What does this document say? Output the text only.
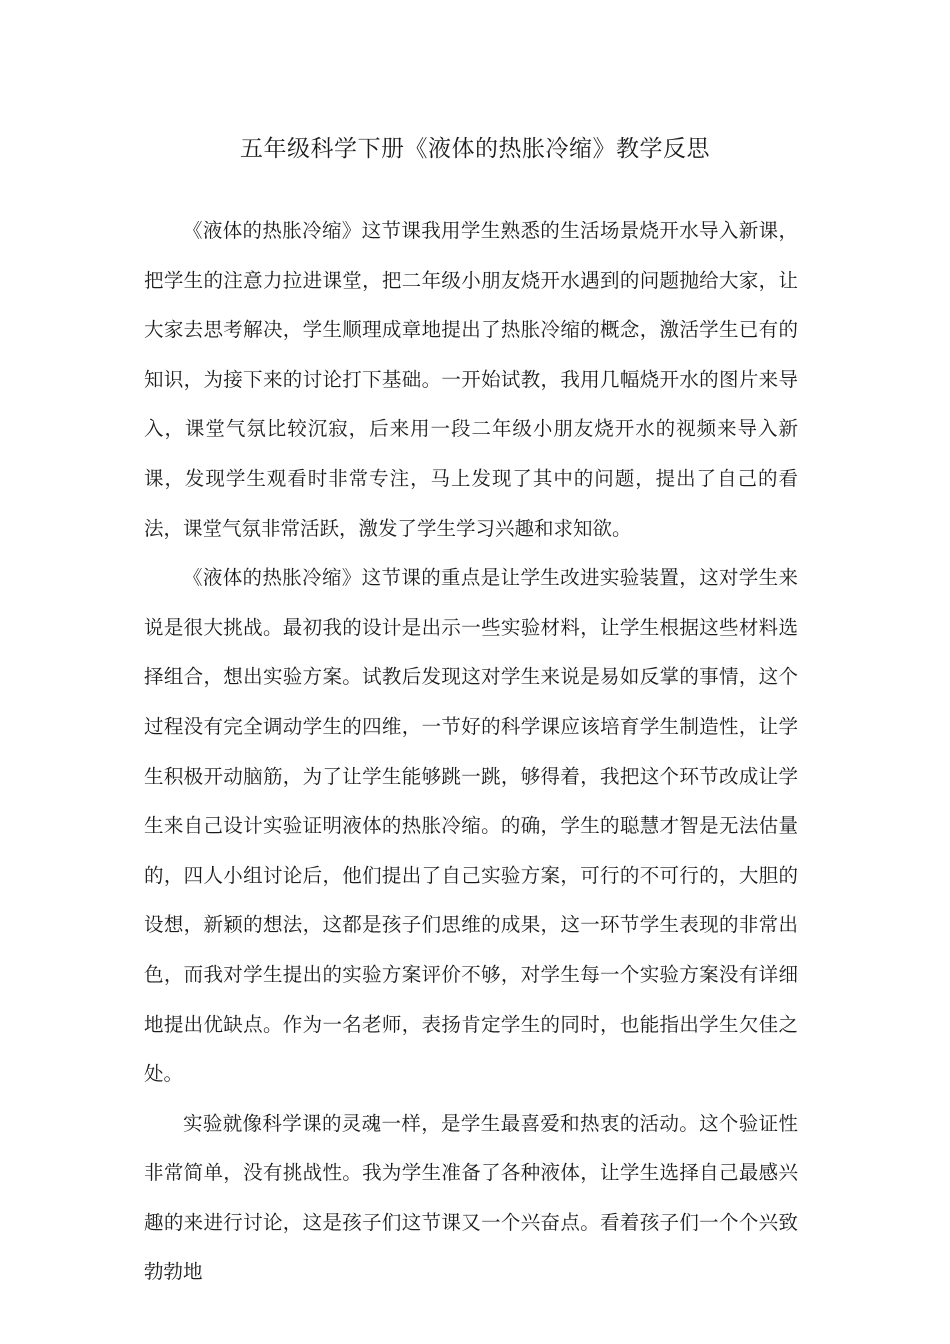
五年级科学下册《液体的热胀冷缩》教学反思

《液体的热胀冷缩》这节课我用学生熟悉的生活场景烧开水导入新课，把学生的注意力拉进课堂，把二年级小朋友烧开水遇到的问题抛给大家，让大家去思考解决，学生顺理成章地提出了热胀冷缩的概念，激活学生已有的知识，为接下来的讨论打下基础。一开始试教，我用几幅烧开水的图片来导入，课堂气氛比较沉寂，后来用一段二年级小朋友烧开水的视频来导入新课，发现学生观看时非常专注，马上发现了其中的问题，提出了自己的看法，课堂气氛非常活跃，激发了学生学习兴趣和求知欲。

《液体的热胀冷缩》这节课的重点是让学生改进实验装置，这对学生来说是很大挑战。最初我的设计是出示一些实验材料，让学生根据这些材料选择组合，想出实验方案。试教后发现这对学生来说是易如反掌的事情，这个过程没有完全调动学生的四维，一节好的科学课应该培育学生制造性，让学生积极开动脑筋，为了让学生能够跳一跳，够得着，我把这个环节改成让学生来自己设计实验证明液体的热胀冷缩。的确，学生的聪慧才智是无法估量的，四人小组讨论后，他们提出了自己实验方案，可行的不可行的，大胆的设想，新颖的想法，这都是孩子们思维的成果，这一环节学生表现的非常出色，而我对学生提出的实验方案评价不够，对学生每一个实验方案没有详细地提出优缺点。作为一名老师，表扬肯定学生的同时，也能指出学生欠佳之处。

实验就像科学课的灵魂一样，是学生最喜爱和热衷的活动。这个验证性非常简单，没有挑战性。我为学生准备了各种液体，让学生选择自己最感兴趣的来进行讨论，这是孩子们这节课又一个兴奋点。看着孩子们一个个兴致勃勃地
